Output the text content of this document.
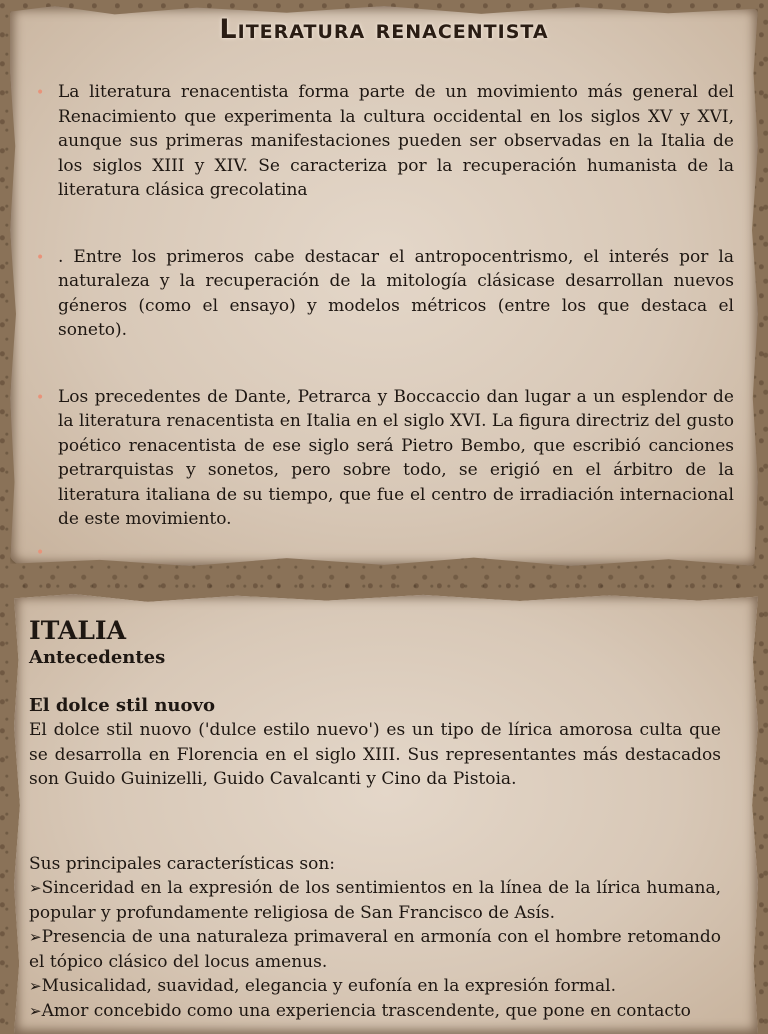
Literatura renacentista
• La literatura renacentista forma parte de un movimiento más general del Renacimiento que experimenta la cultura occidental en los siglos XV y XVI, aunque sus primeras manifestaciones pueden ser observadas en la Italia de los siglos XIII y XIV. Se caracteriza por la recuperación humanista de la literatura clásica grecolatina
• . Entre los primeros cabe destacar el antropocentrismo, el interés por la naturaleza y la recuperación de la mitología clásicase desarrollan nuevos géneros (como el ensayo) y modelos métricos (entre los que destaca el soneto).
• Los precedentes de Dante, Petrarca y Boccaccio dan lugar a un esplendor de la literatura renacentista en Italia en el siglo XVI. La figura directriz del gusto poético renacentista de ese siglo será Pietro Bembo, que escribió canciones petrarquistas y sonetos, pero sobre todo, se erigió en el árbitro de la literatura italiana de su tiempo, que fue el centro de irradiación internacional de este movimiento.
•
ITALIA
Antecedentes
El dolce stil nuovo

El dolce stil nuovo ('dulce estilo nuevo') es un tipo de lírica amorosa culta que se desarrolla en Florencia en el siglo XIII. Sus representantes más destacados son Guido Guinizelli, Guido Cavalcanti y Cino da Pistoia.

Sus principales características son:

➢Sinceridad en la expresión de los sentimientos en la línea de la lírica humana, popular y profundamente religiosa de San Francisco de Asís.
➢Presencia de una naturaleza primaveral en armonía con el hombre retomando el tópico clásico del locus amenus.
➢Musicalidad, suavidad, elegancia y eufonía en la expresión formal.
➢Amor concebido como una experiencia trascendente, que pone en contacto
